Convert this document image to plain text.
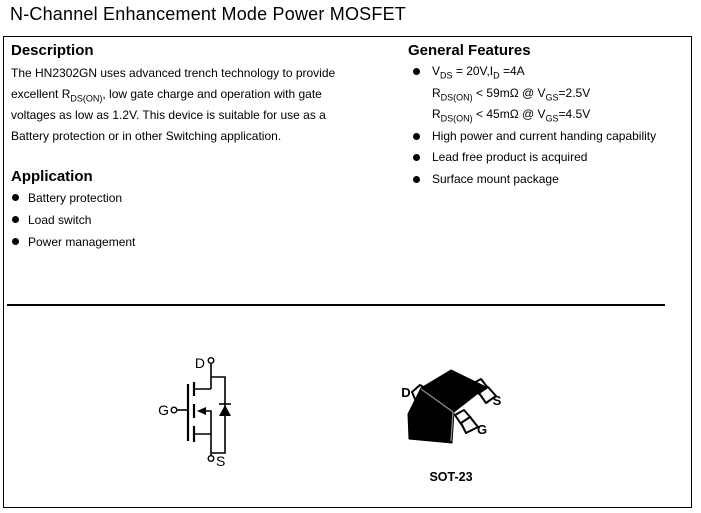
N-Channel Enhancement Mode Power MOSFET
Description

The HN2302GN uses advanced trench technology to provide
excellent $R_{DS(ON)}$, low gate charge and operation with gate
voltages as low as 1.2V. This device is suitable for use as a
Battery protection or in other Switching application.

Application
Battery protection
Load switch
Power management
General Features
$V_{DS} = 20V,I_D =4A$
$R_{DS(ON)} < 59m\Omega$ @ $V_{GS}=2.5V$
$R_{DS(ON)} < 45m\Omega$ @ $V_{GS}=4.5V$
High power and current handing capability
Lead free product is acquired
Surface mount package
D
G
S
D
S
G
SOT-23
